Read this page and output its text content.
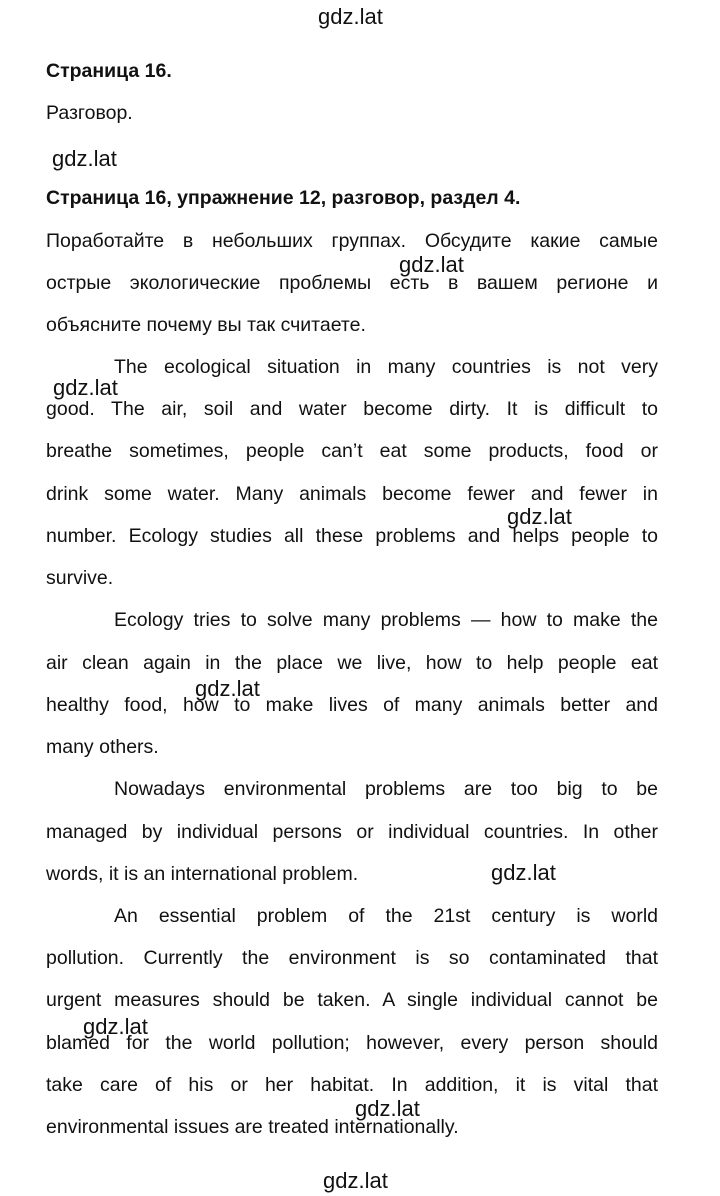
gdz.lat
gdz.lat
gdz.lat
gdz.lat
gdz.lat
gdz.lat
gdz.lat
gdz.lat
gdz.lat
gdz.lat
Страница 16.
Разговор.
Страница 16, упражнение 12, разговор, раздел 4.
Поработайте в небольших группах. Обсудите какие самые
острые экологические проблемы есть в вашем регионе и
объясните почему вы так считаете.
The ecological situation in many countries is not very
good. The air, soil and water become dirty. It is difficult to
breathe sometimes, people can’t eat some products, food or
drink some water. Many animals become fewer and fewer in
number. Ecology studies all these problems and helps people to
survive.
Ecology tries to solve many problems — how to make the
air clean again in the place we live, how to help people eat
healthy food, how to make lives of many animals better and
many others.
Nowadays environmental problems are too big to be
managed by individual persons or individual countries. In other
words, it is an international problem.
An essential problem of the 21st century is world
pollution. Currently the environment is so contaminated that
urgent measures should be taken. A single individual cannot be
blamed for the world pollution; however, every person should
take care of his or her habitat. In addition, it is vital that
environmental issues are treated internationally.
